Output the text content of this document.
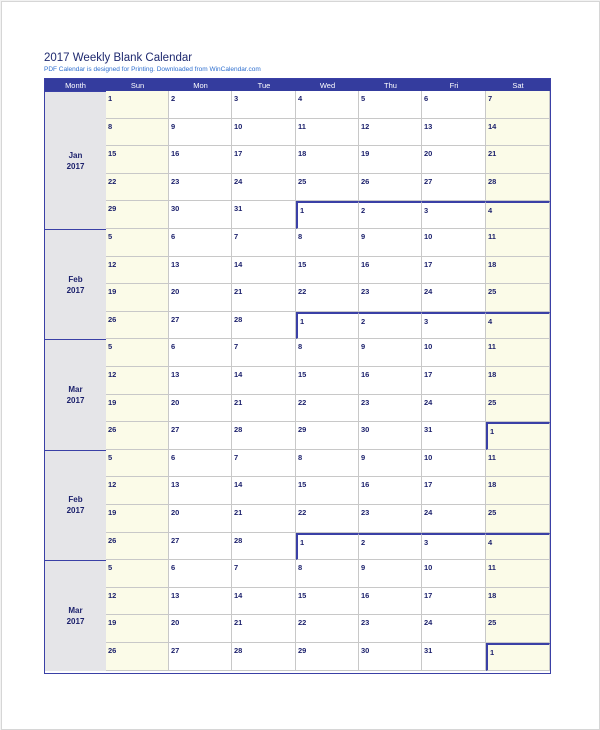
2017 Weekly Blank Calendar
PDF Calendar is designed for Printing. Downloaded from WinCalendar.com
Month	Sun	Mon	Tue	Wed	Thu	Fri	Sat
Jan
2017
1	2	3	4	5	6	7
8	9	10	11	12	13	14
15	16	17	18	19	20	21
22	23	24	25	26	27	28
29	30	31	1	2	3	4
Feb
2017
5	6	7	8	9	10	11
12	13	14	15	16	17	18
19	20	21	22	23	24	25
26	27	28	1	2	3	4
Mar
2017
5	6	7	8	9	10	11
12	13	14	15	16	17	18
19	20	21	22	23	24	25
26	27	28	29	30	31	1
Feb
2017
5	6	7	8	9	10	11
12	13	14	15	16	17	18
19	20	21	22	23	24	25
26	27	28	1	2	3	4
Mar
2017
5	6	7	8	9	10	11
12	13	14	15	16	17	18
19	20	21	22	23	24	25
26	27	28	29	30	31	1
